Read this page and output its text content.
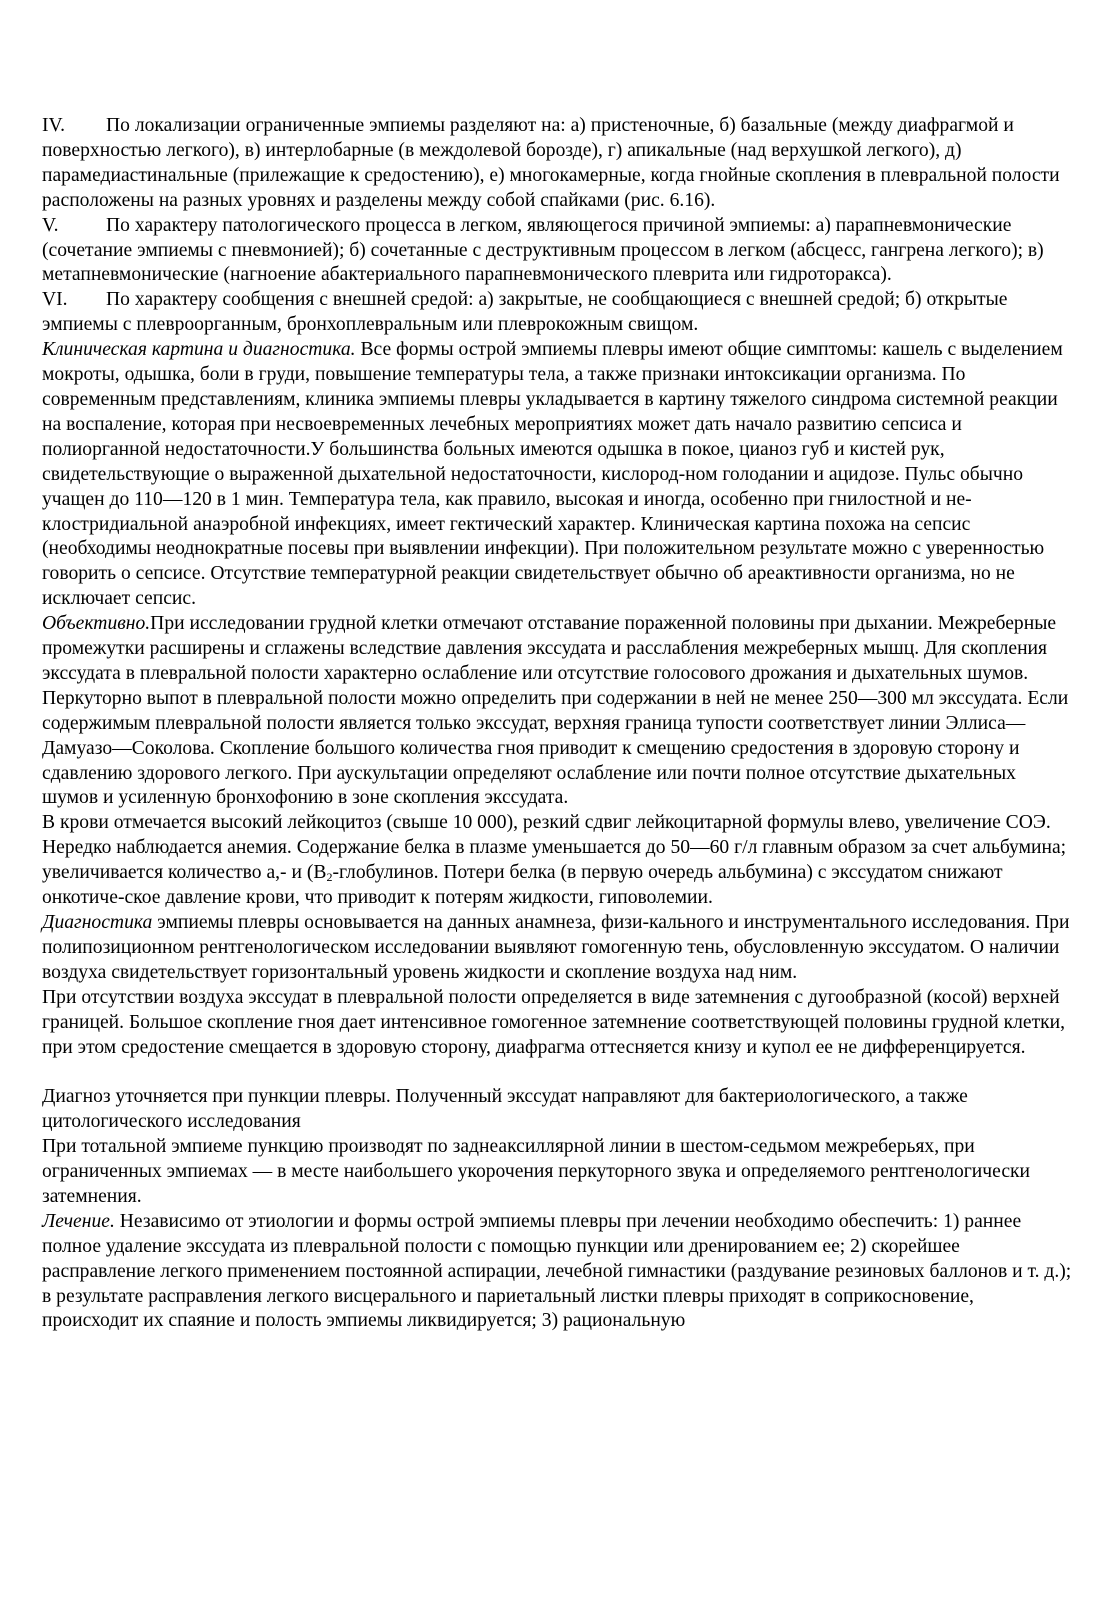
IV. По локализации ограниченные эмпиемы разделяют на: а) пристеночные, б) базальные (между диафрагмой и поверхностью легкого), в) интерлобарные (в междолевой борозде), г) апикальные (над верхушкой легкого), д) парамедиастинальные (прилежащие к средостению), е) многокамерные, когда гнойные скопления в плевральной полости расположены на разных уровнях и разделены между собой спайками (рис. 6.16).

V. По характеру патологического процесса в легком, являющегося причиной эмпиемы: а) парапневмонические (сочетание эмпиемы с пневмонией); б) сочетанные с деструктивным процессом в легком (абсцесс, гангрена легкого); в) метапневмонические (нагноение абактериального парапневмонического плеврита или гидроторакса).

VI. По характеру сообщения с внешней средой: а) закрытые, не сообщающиеся с внешней средой; б) открытые эмпиемы с плевроорганным, бронхоплевральным или плеврокожным свищом.

Клиническая картина и диагностика. Все формы острой эмпиемы плевры имеют общие симптомы: кашель с выделением мокроты, одышка, боли в груди, повышение температуры тела, а также признаки интоксикации организма. По современным представлениям, клиника эмпиемы плевры укладывается в картину тяжелого синдрома системной реакции на воспаление, которая при несвоевременных лечебных мероприятиях может дать начало развитию сепсиса и полиорганной недостаточности.У большинства больных имеются одышка в покое, цианоз губ и кистей рук, свидетельствующие о выраженной дыхательной недостаточности, кислород-ном голодании и ацидозе. Пульс обычно учащен до 110—120 в 1 мин. Температура тела, как правило, высокая и иногда, особенно при гнилостной и не-клостридиальной анаэробной инфекциях, имеет гектический характер. Клиническая картина похожа на сепсис (необходимы неоднократные посевы при выявлении инфекции). При положительном результате можно с уверенностью говорить о сепсисе. Отсутствие температурной реакции свидетельствует обычно об ареактивности организма, но не исключает сепсис.

Объективно.При исследовании грудной клетки отмечают отставание пораженной половины при дыхании. Межреберные промежутки расширены и сглажены вследствие давления экссудата и расслабления межреберных мышц. Для скопления экссудата в плевральной полости характерно ослабление или отсутствие голосового дрожания и дыхательных шумов. Перкуторно выпот в плевральной полости можно определить при содержании в ней не менее 250—300 мл экссудата. Если содержимым плевральной полости является только экссудат, верхняя граница тупости соответствует линии Эллиса—Дамуазо—Соколова. Скопление большого количества гноя приводит к смещению средостения в здоровую сторону и сдавлению здорового легкого. При аускультации определяют ослабление или почти полное отсутствие дыхательных шумов и усиленную бронхофонию в зоне скопления экссудата.

В крови отмечается высокий лейкоцитоз (свыше 10 000), резкий сдвиг лейкоцитарной формулы влево, увеличение СОЭ. Нередко наблюдается анемия. Содержание белка в плазме уменьшается до 50—60 г/л главным образом за счет альбумина; увеличивается количество а,- и ($В_2$-глобулинов. Потери белка (в первую очередь альбумина) с экссудатом снижают онкотиче-ское давление крови, что приводит к потерям жидкости, гиповолемии.

Диагностика эмпиемы плевры основывается на данных анамнеза, физи-кального и инструментального исследования. При полипозиционном рентгенологическом исследовании выявляют гомогенную тень, обусловленную экссудатом. О наличии воздуха свидетельствует горизонтальный уровень жидкости и скопление воздуха над ним.

При отсутствии воздуха экссудат в плевральной полости определяется в виде затемнения с дугообразной (косой) верхней границей. Большое скопление гноя дает интенсивное гомогенное затемнение соответствующей половины грудной клетки, при этом средостение смещается в здоровую сторону, диафрагма оттесняется книзу и купол ее не дифференцируется.

Диагноз уточняется при пункции плевры. Полученный экссудат направляют для бактериологического, а также цитологического исследования

При тотальной эмпиеме пункцию производят по заднеаксиллярной линии в шестом-седьмом межреберьях, при ограниченных эмпиемах — в месте наибольшего укорочения перкуторного звука и определяемого рентгенологически затемнения.

Лечение. Независимо от этиологии и формы острой эмпиемы плевры при лечении необходимо обеспечить: 1) раннее полное удаление экссудата из плевральной полости с помощью пункции или дренированием ее; 2) скорейшее расправление легкого применением постоянной аспирации, лечебной гимнастики (раздувание резиновых баллонов и т. д.); в результате расправления легкого висцерального и париетальный листки плевры приходят в соприкосновение, происходит их спаяние и полость эмпиемы ликвидируется; 3) рациональную
